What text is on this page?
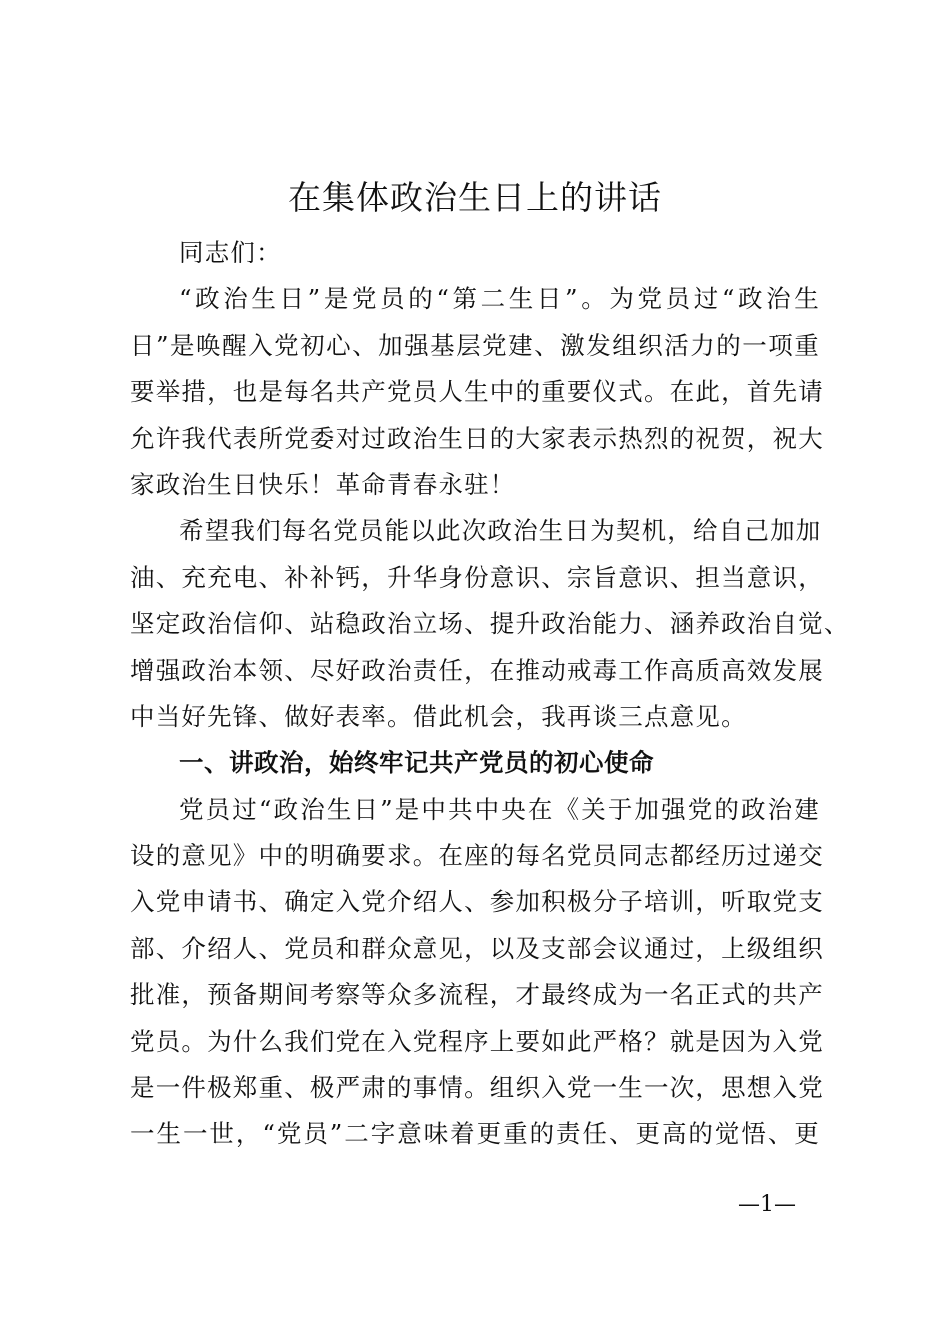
在集体政治生日上的讲话
同志们：
“政治生日”是党员的“第二生日”。为党员过“政治生
日”是唤醒入党初心、加强基层党建、激发组织活力的一项重
要举措，也是每名共产党员人生中的重要仪式。在此，首先请
允许我代表所党委对过政治生日的大家表示热烈的祝贺，祝大
家政治生日快乐！革命青春永驻！
希望我们每名党员能以此次政治生日为契机，给自己加加
油、充充电、补补钙，升华身份意识、宗旨意识、担当意识，
坚定政治信仰、站稳政治立场、提升政治能力、涵养政治自觉、
增强政治本领、尽好政治责任，在推动戒毒工作高质高效发展
中当好先锋、做好表率。借此机会，我再谈三点意见。
一、讲政治，始终牢记共产党员的初心使命
党员过“政治生日”是中共中央在《关于加强党的政治建
设的意见》中的明确要求。在座的每名党员同志都经历过递交
入党申请书、确定入党介绍人、参加积极分子培训，听取党支
部、介绍人、党员和群众意见，以及支部会议通过，上级组织
批准，预备期间考察等众多流程，才最终成为一名正式的共产
党员。为什么我们党在入党程序上要如此严格？就是因为入党
是一件极郑重、极严肃的事情。组织入党一生一次，思想入党
一生一世，“党员”二字意味着更重的责任、更高的觉悟、更
—1—
